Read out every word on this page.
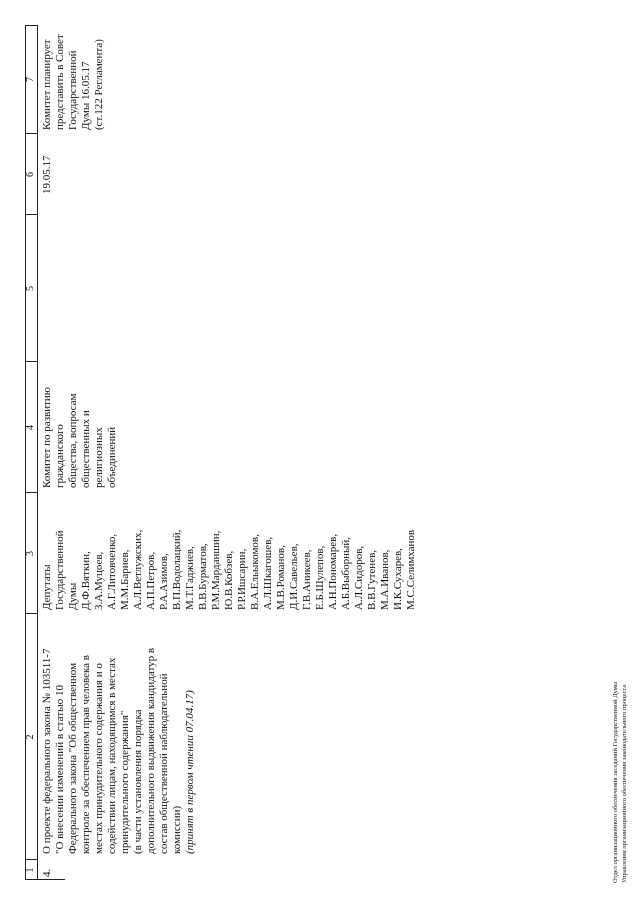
1
2
3
4
5
6
7
4.
О проекте федерального закона № 103511-7 "О внесении изменений в статью 10 Федерального закона "Об общественном контроле за обеспечением прав человека в местах принудительного содержания и о содействии лицам, находящимся в местах принудительного содержания" (в части установления порядка дополнительного выдвижения кандидатур в состав общественной наблюдательной комиссии) (принят в первом чтении 07.04.17)
Депутаты Государственной Думы Д.Ф.Вяткин, З.А.Муцоев, А.Г.Литовченко, М.М.Бариев, А.Л.Ветлужских, А.П.Петров, Р.А.Азимов, В.П.Водолацкий, М.Т.Гаджиев, В.В.Бурматов, Р.М.Марданшин, Ю.В.Кобзев, Р.Р.Ишсарин, В.А.Ельыкомов, А.Л.Шкагошев, М.В.Романов, Д.И.Савельев, Г.В.Аникеев, Е.Б.Шулепов, А.Н.Пономарев, А.Б.Выборный, А.Л.Сидоров, В.В.Гутенев, М.А.Иванов, И.К.Сухарев, М.С.Селимханов
Комитет по развитию гражданского общества, вопросам общественных и религиозных объединений
19.05.17
Комитет планирует представить в Совет Государственной Думы 16.05.17 (ст.122 Регламента)
Отдел организационного обеспечения заседаний Государственной Думы Управления организационного обеспечения законодательного процесса
